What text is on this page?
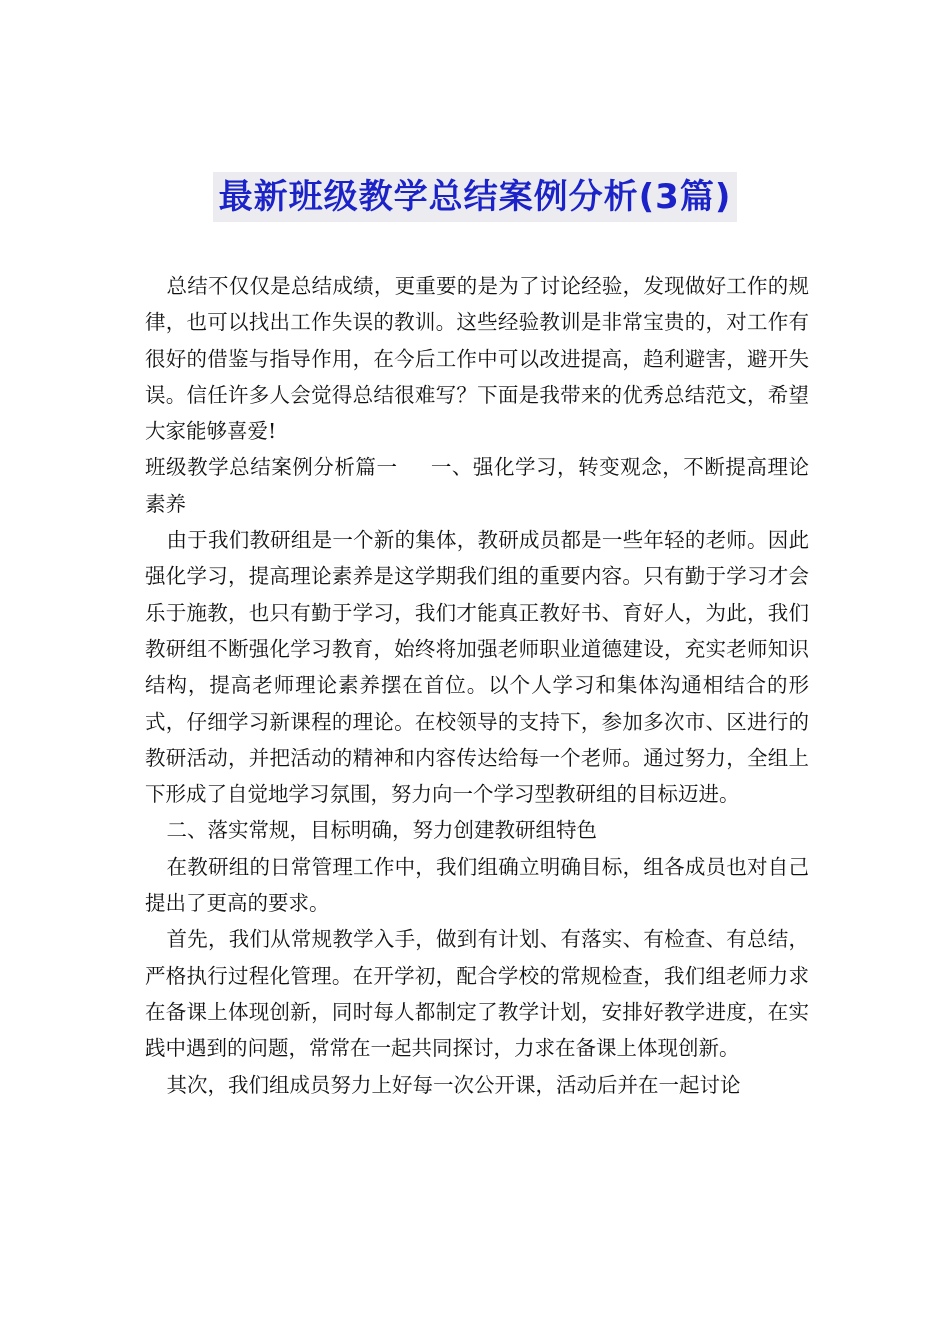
最新班级教学总结案例分析(3篇)

总结不仅仅是总结成绩，更重要的是为了讨论经验，发现做好工作的规律，也可以找出工作失误的教训。这些经验教训是非常宝贵的，对工作有很好的借鉴与指导作用，在今后工作中可以改进提高，趋利避害，避开失误。信任许多人会觉得总结很难写？下面是我带来的优秀总结范文，希望大家能够喜爱!

班级教学总结案例分析篇一 一、强化学习，转变观念，不断提高理论素养

由于我们教研组是一个新的集体，教研成员都是一些年轻的老师。因此强化学习，提高理论素养是这学期我们组的重要内容。只有勤于学习才会乐于施教，也只有勤于学习，我们才能真正教好书、育好人，为此，我们教研组不断强化学习教育，始终将加强老师职业道德建设，充实老师知识结构，提高老师理论素养摆在首位。以个人学习和集体沟通相结合的形式，仔细学习新课程的理论。在校领导的支持下，参加多次市、区进行的教研活动，并把活动的精神和内容传达给每一个老师。通过努力，全组上下形成了自觉地学习氛围，努力向一个学习型教研组的目标迈进。

二、落实常规，目标明确，努力创建教研组特色

在教研组的日常管理工作中，我们组确立明确目标，组各成员也对自己提出了更高的要求。

首先，我们从常规教学入手，做到有计划、有落实、有检查、有总结，严格执行过程化管理。在开学初，配合学校的常规检查，我们组老师力求在备课上体现创新，同时每人都制定了教学计划，安排好教学进度，在实践中遇到的问题，常常在一起共同探讨，力求在备课上体现创新。

其次，我们组成员努力上好每一次公开课，活动后并在一起讨论
